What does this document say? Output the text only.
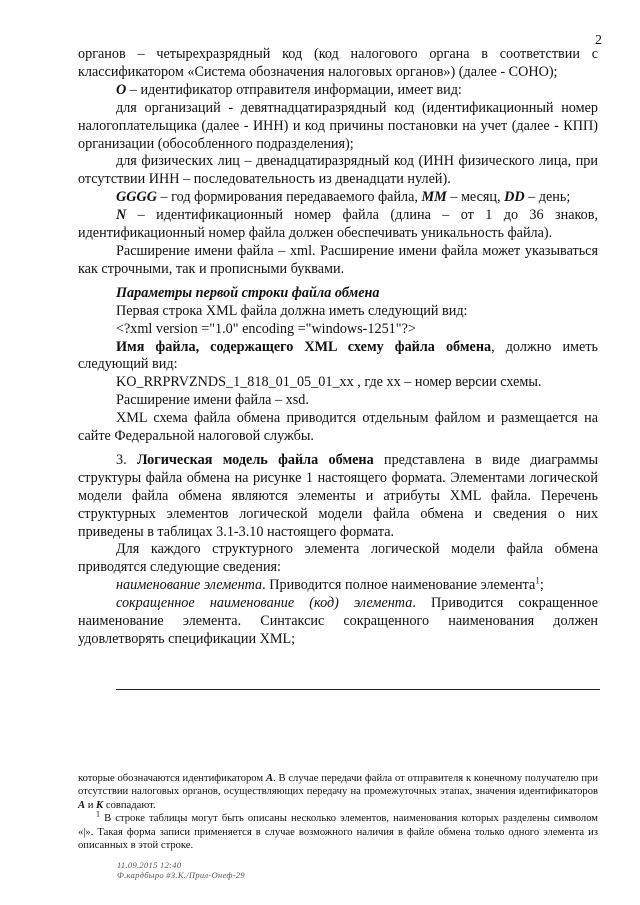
2

органов – четырехразрядный код (код налогового органа в соответствии с классификатором «Система обозначения налоговых органов») (далее - СОНО);

O – идентификатор отправителя информации, имеет вид:

для организаций - девятнадцатиразрядный код (идентификационный номер налогоплательщика (далее - ИНН) и код причины постановки на учет (далее - КПП) организации (обособленного подразделения);

для физических лиц – двенадцатиразрядный код (ИНН физического лица, при отсутствии ИНН – последовательность из двенадцати нулей).

GGGG – год формирования передаваемого файла, MM – месяц, DD – день;

N – идентификационный номер файла (длина – от 1 до 36 знаков, идентификационный номер файла должен обеспечивать уникальность файла).

Расширение имени файла – xml. Расширение имени файла может указываться как строчными, так и прописными буквами.

Параметры первой строки файла обмена

Первая строка XML файла должна иметь следующий вид:

<?xml version ="1.0" encoding ="windows-1251"?>

Имя файла, содержащего XML схему файла обмена, должно иметь следующий вид:

KO_RRPRVZNDS_1_818_01_05_01_xx , где хх – номер версии схемы.

Расширение имени файла – xsd.

XML схема файла обмена приводится отдельным файлом и размещается на сайте Федеральной налоговой службы.

3. Логическая модель файла обмена представлена в виде диаграммы структуры файла обмена на рисунке 1 настоящего формата. Элементами логической модели файла обмена являются элементы и атрибуты XML файла. Перечень структурных элементов логической модели файла обмена и сведения о них приведены в таблицах 3.1-3.10 настоящего формата.

Для каждого структурного элемента логической модели файла обмена приводятся следующие сведения:

наименование элемента. Приводится полное наименование элемента$^1$;

сокращенное наименование (код) элемента. Приводится сокращенное наименование элемента. Синтаксис сокращенного наименования должен удовлетворять спецификации XML;

которые обозначаются идентификатором А. В случае передачи файла от отправителя к конечному получателю при отсутствии налоговых органов, осуществляющих передачу на промежуточных этапах, значения идентификаторов А и К совпадают.

$^1$ В строке таблицы могут быть описаны несколько элементов, наименования которых разделены символом «|». Такая форма записи применяется в случае возможного наличия в файле обмена только одного элемента из описанных в этой строке.

11.09.2015 12:40
Ф.кардбыро #З.К./Прил-Онеф-29
